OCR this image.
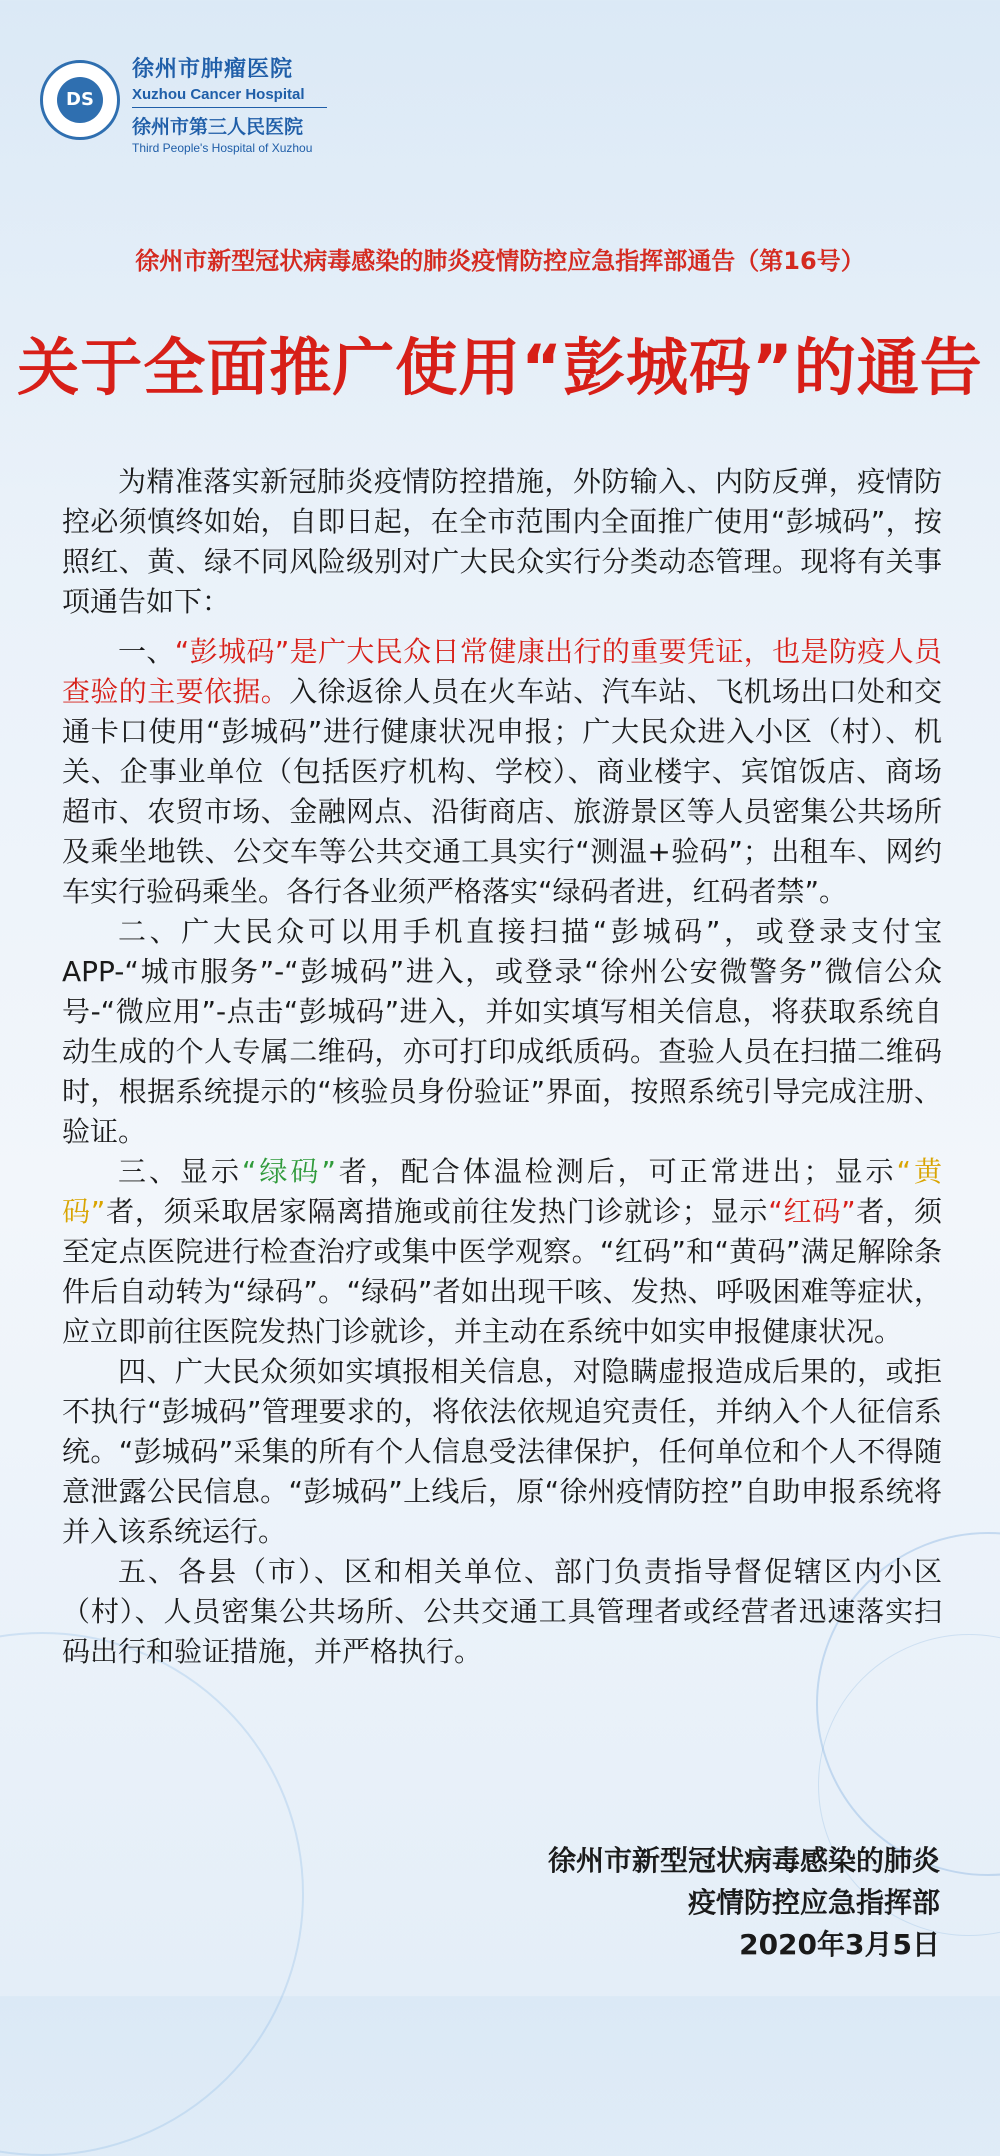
DS
徐州市肿瘤医院
Xuzhou Cancer Hospital
徐州市第三人民医院
Third People's Hospital of Xuzhou
徐州市新型冠状病毒感染的肺炎疫情防控应急指挥部通告（第16号）
关于全面推广使用“彭城码”的通告

为精准落实新冠肺炎疫情防控措施，外防输入、内防反弹，疫情防控必须慎终如始，自即日起，在全市范围内全面推广使用“彭城码”，按照红、黄、绿不同风险级别对广大民众实行分类动态管理。现将有关事项通告如下：

一、“彭城码”是广大民众日常健康出行的重要凭证，也是防疫人员查验的主要依据。入徐返徐人员在火车站、汽车站、飞机场出口处和交通卡口使用“彭城码”进行健康状况申报；广大民众进入小区（村）、机关、企事业单位（包括医疗机构、学校）、商业楼宇、宾馆饭店、商场超市、农贸市场、金融网点、沿街商店、旅游景区等人员密集公共场所及乘坐地铁、公交车等公共交通工具实行“测温+验码”；出租车、网约车实行验码乘坐。各行各业须严格落实“绿码者进，红码者禁”。

二、广大民众可以用手机直接扫描“彭城码”，或登录支付宝APP-“城市服务”-“彭城码”进入，或登录“徐州公安微警务”微信公众号-“微应用”-点击“彭城码”进入，并如实填写相关信息，将获取系统自动生成的个人专属二维码，亦可打印成纸质码。查验人员在扫描二维码时，根据系统提示的“核验员身份验证”界面，按照系统引导完成注册、验证。

三、显示“绿码”者，配合体温检测后，可正常进出；显示“黄码”者，须采取居家隔离措施或前往发热门诊就诊；显示“红码”者，须至定点医院进行检查治疗或集中医学观察。“红码”和“黄码”满足解除条件后自动转为“绿码”。“绿码”者如出现干咳、发热、呼吸困难等症状，应立即前往医院发热门诊就诊，并主动在系统中如实申报健康状况。

四、广大民众须如实填报相关信息，对隐瞒虚报造成后果的，或拒不执行“彭城码”管理要求的，将依法依规追究责任，并纳入个人征信系统。“彭城码”采集的所有个人信息受法律保护，任何单位和个人不得随意泄露公民信息。“彭城码”上线后，原“徐州疫情防控”自助申报系统将并入该系统运行。

五、各县（市）、区和相关单位、部门负责指导督促辖区内小区（村）、人员密集公共场所、公共交通工具管理者或经营者迅速落实扫码出行和验证措施，并严格执行。

徐州市新型冠状病毒感染的肺炎
疫情防控应急指挥部
2020年3月5日
